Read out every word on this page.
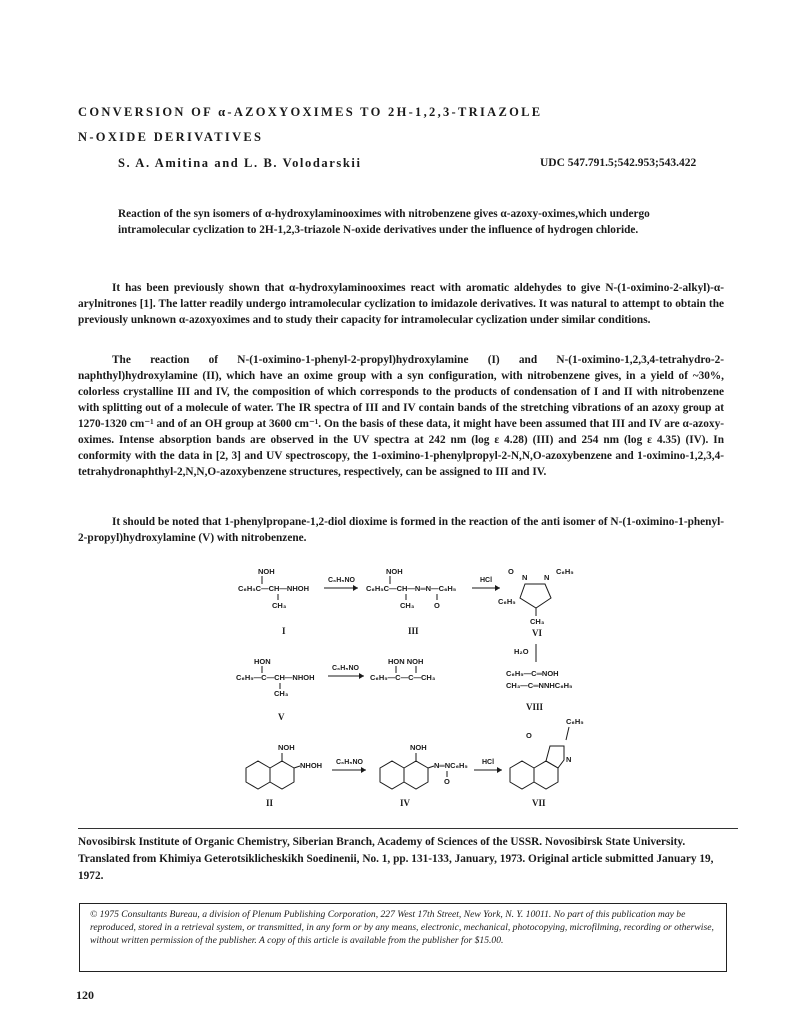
CONVERSION OF α-AZOXYOXIMES TO 2H-1,2,3-TRIAZOLE
N-OXIDE DERIVATIVES
S. A. Amitina and L. B. Volodarskii	UDC 547.791.5;542.953;543.422
Reaction of the syn isomers of α-hydroxylaminooximes with nitrobenzene gives α-azoxy-oximes,which undergo intramolecular cyclization to 2H-1,2,3-triazole N-oxide derivatives under the influence of hydrogen chloride.

It has been previously shown that α-hydroxylaminooximes react with aromatic aldehydes to give N-(1-oximino-2-alkyl)-α-arylnitrones [1]. The latter readily undergo intramolecular cyclization to imidazole derivatives. It was natural to attempt to obtain the previously unknown α-azoxyoximes and to study their capacity for intramolecular cyclization under similar conditions.

The reaction of N-(1-oximino-1-phenyl-2-propyl)hydroxylamine (I) and N-(1-oximino-1,2,3,4-tetrahydro-2-naphthyl)hydroxylamine (II), which have an oxime group with a syn configuration, with nitrobenzene gives, in a yield of ~30%, colorless crystalline III and IV, the composition of which corresponds to the products of condensation of I and II with nitrobenzene with splitting out of a molecule of water. The IR spectra of III and IV contain bands of the stretching vibrations of an azoxy group at 1270-1320 cm⁻¹ and of an OH group at 3600 cm⁻¹. On the basis of these data, it might have been assumed that III and IV are α-azoxy-oximes. Intense absorption bands are observed in the UV spectra at 242 nm (log ε 4.28) (III) and 254 nm (log ε 4.35) (IV). In conformity with the data in [2, 3] and UV spectroscopy, the 1-oximino-1-phenylpropyl-2-N,N,O-azoxybenzene and 1-oximino-1,2,3,4-tetrahydronaphthyl-2,N,N,O-azoxybenzene structures, respectively, can be assigned to III and IV.

It should be noted that 1-phenylpropane-1,2-diol dioxime is formed in the reaction of the anti isomer of N-(1-oximino-1-phenyl-2-propyl)hydroxylamine (V) with nitrobenzene.

NOH
C₆H₅C—CH—NHOH
CH₃
I
C₆H₅NO
NOH
C₆H₅C—CH—N═N—C₆H₅
CH₃	O
III
HCl
O
N N
C₆H₅
C₆H₅
CH₃
VI
HON
C₆H₅—C—CH—NHOH
CH₃
V
C₆H₅NO
HON NOH
C₆H₅—C—C—CH₃
H₂O
C₆H₅—C═NOH
CH₃—C═NNHC₆H₅
VIII
NOH
NHOH
II
C₆H₅NO
NOH
N═NC₆H₅
O
IV
HCl
O
C₆H₅
N
VII
Novosibirsk Institute of Organic Chemistry, Siberian Branch, Academy of Sciences of the USSR. Novosibirsk State University. Translated from Khimiya Geterotsiklicheskikh Soedinenii, No. 1, pp. 131-133, January, 1973. Original article submitted January 19, 1972.
© 1975 Consultants Bureau, a division of Plenum Publishing Corporation, 227 West 17th Street, New York, N. Y. 10011. No part of this publication may be reproduced, stored in a retrieval system, or transmitted, in any form or by any means, electronic, mechanical, photocopying, microfilming, recording or otherwise, without written permission of the publisher. A copy of this article is available from the publisher for $15.00.
120
